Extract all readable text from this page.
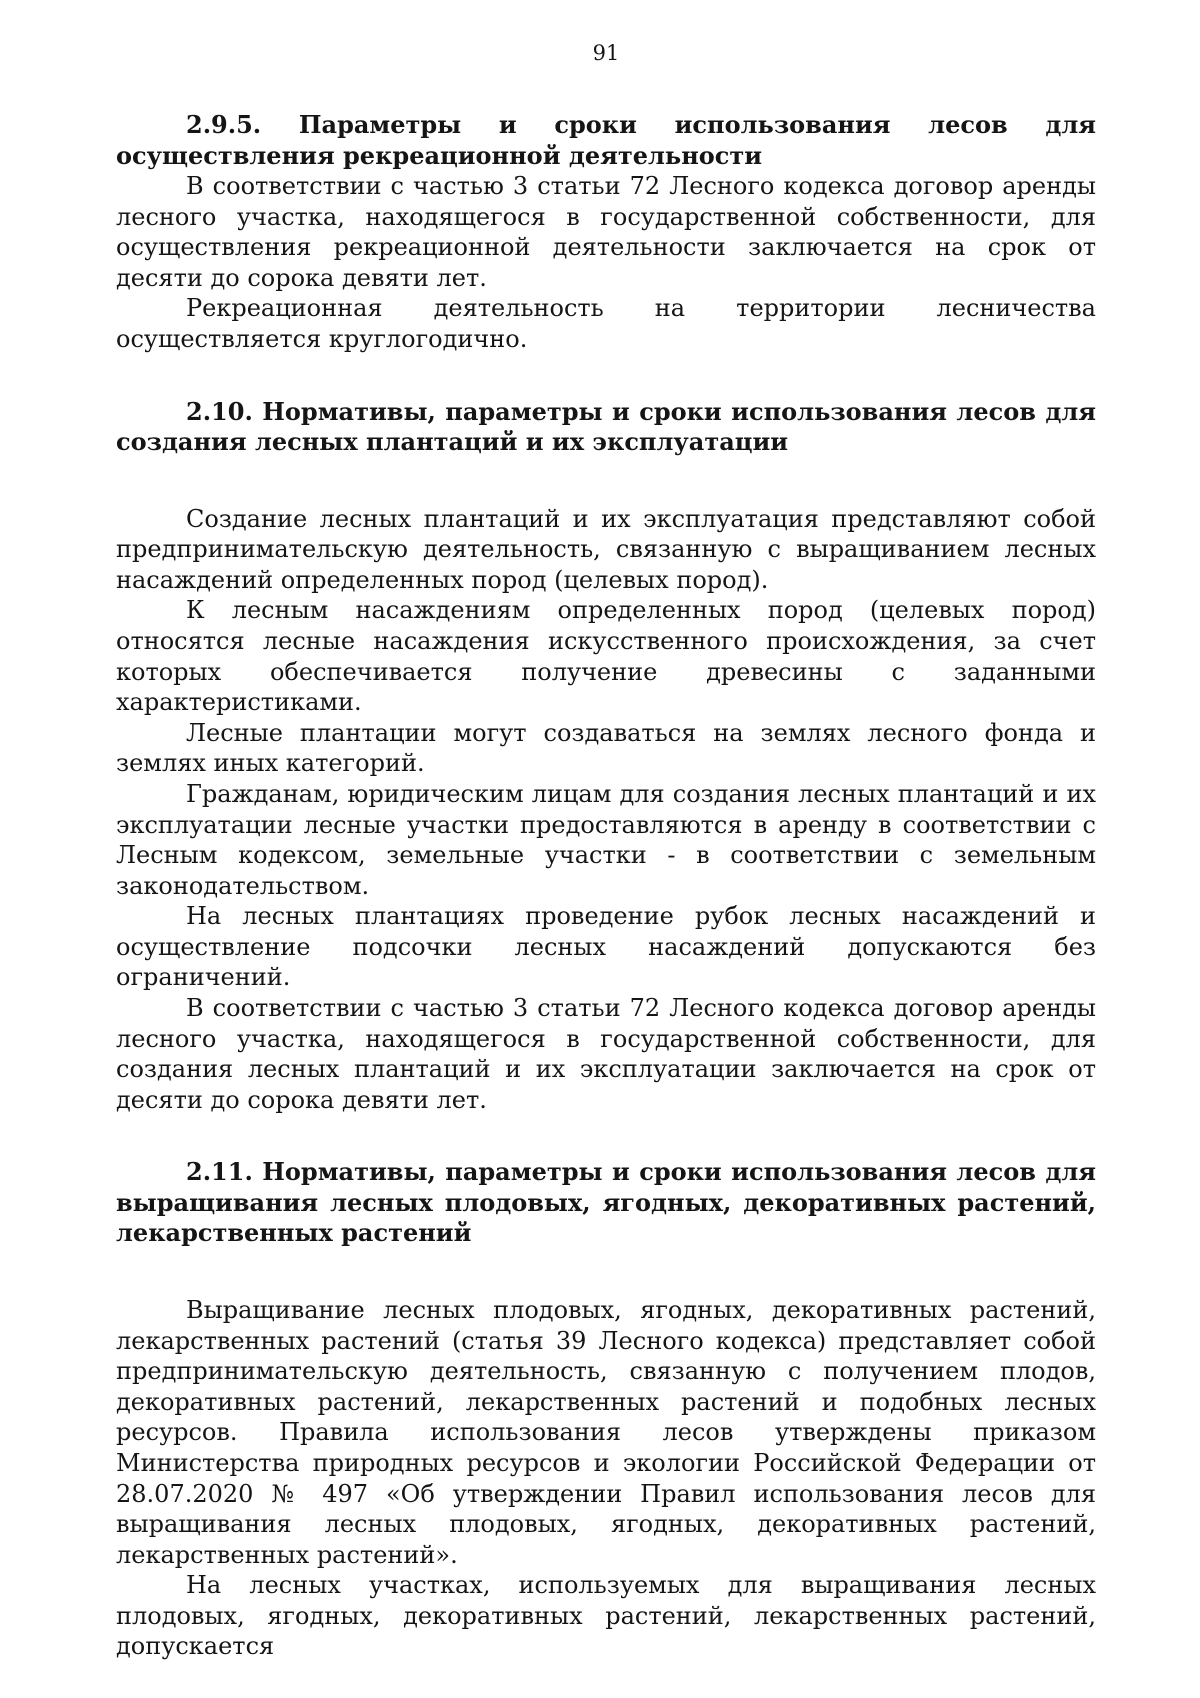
91

2.9.5. Параметры и сроки использования лесов для осуществления рекреационной деятельности

В соответствии с частью 3 статьи 72 Лесного кодекса договор аренды лесного участка, находящегося в государственной собственности, для осуществления рекреационной деятельности заключается на срок от десяти до сорока девяти лет.

Рекреационная деятельность на территории лесничества осуществляется круглогодично.

2.10. Нормативы, параметры и сроки использования лесов для создания лесных плантаций и их эксплуатации

Создание лесных плантаций и их эксплуатация представляют собой предпринимательскую деятельность, связанную с выращиванием лесных насаждений определенных пород (целевых пород).

К лесным насаждениям определенных пород (целевых пород) относятся лесные насаждения искусственного происхождения, за счет которых обеспечивается получение древесины с заданными характеристиками.

Лесные плантации могут создаваться на землях лесного фонда и землях иных категорий.

Гражданам, юридическим лицам для создания лесных плантаций и их эксплуатации лесные участки предоставляются в аренду в соответствии с Лесным кодексом, земельные участки - в соответствии с земельным законодательством.

На лесных плантациях проведение рубок лесных насаждений и осуществление подсочки лесных насаждений допускаются без ограничений.

В соответствии с частью 3 статьи 72 Лесного кодекса договор аренды лесного участка, находящегося в государственной собственности, для создания лесных плантаций и их эксплуатации заключается на срок от десяти до сорока девяти лет.

2.11. Нормативы, параметры и сроки использования лесов для выращивания лесных плодовых, ягодных, декоративных растений, лекарственных растений

Выращивание лесных плодовых, ягодных, декоративных растений, лекарственных растений (статья 39 Лесного кодекса) представляет собой предпринимательскую деятельность, связанную с получением плодов, декоративных растений, лекарственных растений и подобных лесных ресурсов. Правила использования лесов утверждены приказом Министерства природных ресурсов и экологии Российской Федерации от 28.07.2020 № 497 «Об утверждении Правил использования лесов для выращивания лесных плодовых, ягодных, декоративных растений, лекарственных растений».

На лесных участках, используемых для выращивания лесных плодовых, ягодных, декоративных растений, лекарственных растений, допускается
